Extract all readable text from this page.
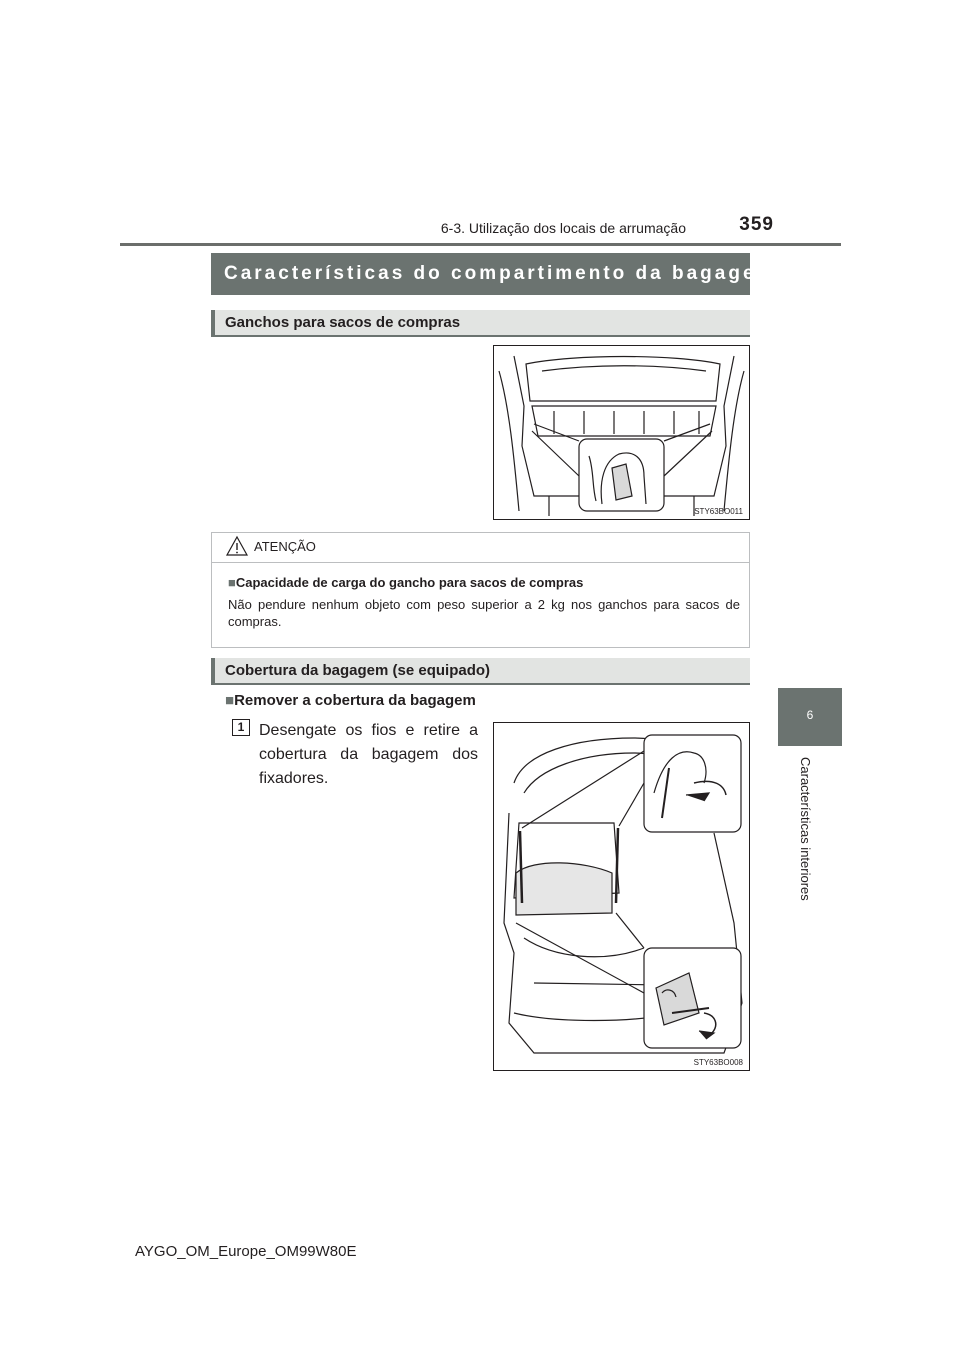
6-3. Utilização dos locais de arrumação	359
6
Características interiores
Características do compartimento da bagagem
Ganchos para sacos de compras
STY63BO011
ATENÇÃO
■Capacidade de carga do gancho para sacos de compras
Não pendure nenhum objeto com peso superior a 2 kg nos ganchos para sacos de compras.
Cobertura da bagagem (se equipado)
■Remover a cobertura da bagagem
1 Desengate os fios e retire a cobertura da bagagem dos fixadores.
STY63BO008
AYGO_OM_Europe_OM99W80E
